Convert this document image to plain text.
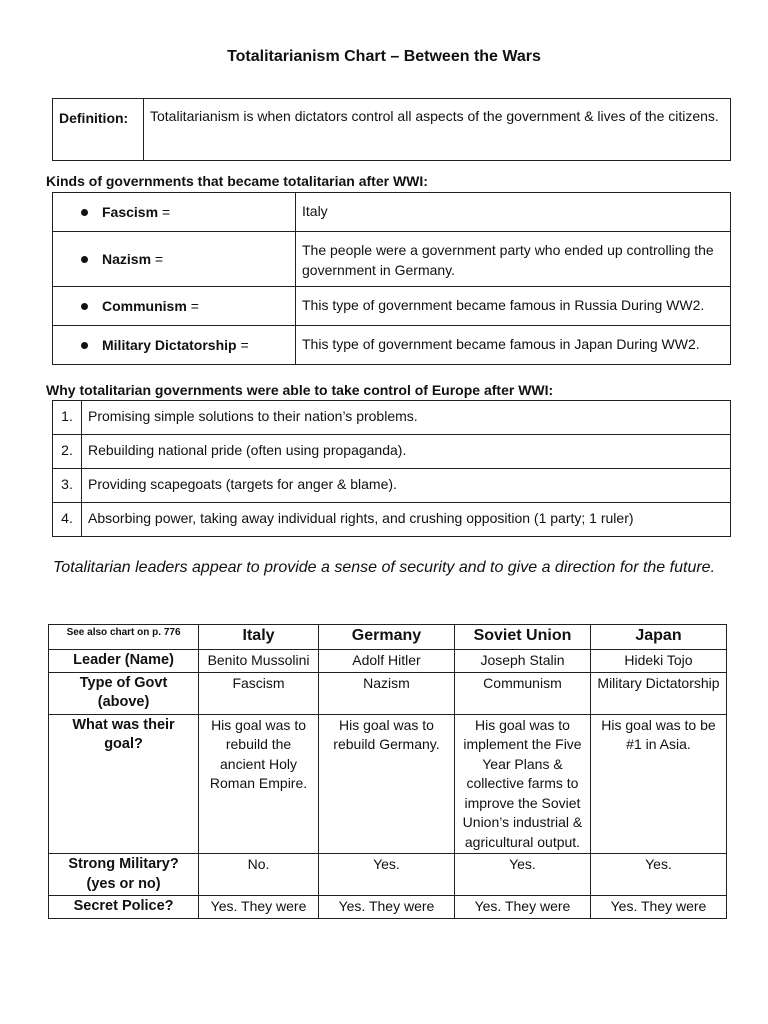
Totalitarianism Chart – Between the Wars
Definition:	Totalitarianism is when dictators control all aspects of the government & lives of the citizens.
Kinds of governments that became totalitarian after WWI:
Fascism =	Italy
Nazism =	The people were a government party who ended up controlling the government in Germany.
Communism =	This type of government became famous in Russia During WW2.
Military Dictatorship =	This type of government became famous in Japan During WW2.
Why totalitarian governments were able to take control of Europe after WWI:
1.	Promising simple solutions to their nation’s problems.
2.	Rebuilding national pride (often using propaganda).
3.	Providing scapegoats (targets for anger & blame).
4.	Absorbing power, taking away individual rights, and crushing opposition (1 party; 1 ruler)
Totalitarian leaders appear to provide a sense of security and to give a direction for the future.
See also chart on p. 776	Italy	Germany	Soviet Union	Japan
Leader (Name)	Benito Mussolini	Adolf Hitler	Joseph Stalin	Hideki Tojo
Type of Govt (above)	Fascism	Nazism	Communism	Military Dictatorship
What was their goal?	His goal was to rebuild the ancient Holy Roman Empire.	His goal was to rebuild Germany.	His goal was to implement the Five Year Plans & collective farms to improve the Soviet Union’s industrial & agricultural output.	His goal was to be #1 in Asia.
Strong Military? (yes or no)	No.	Yes.	Yes.	Yes.
Secret Police?	Yes. They were	Yes. They were	Yes. They were	Yes. They were
